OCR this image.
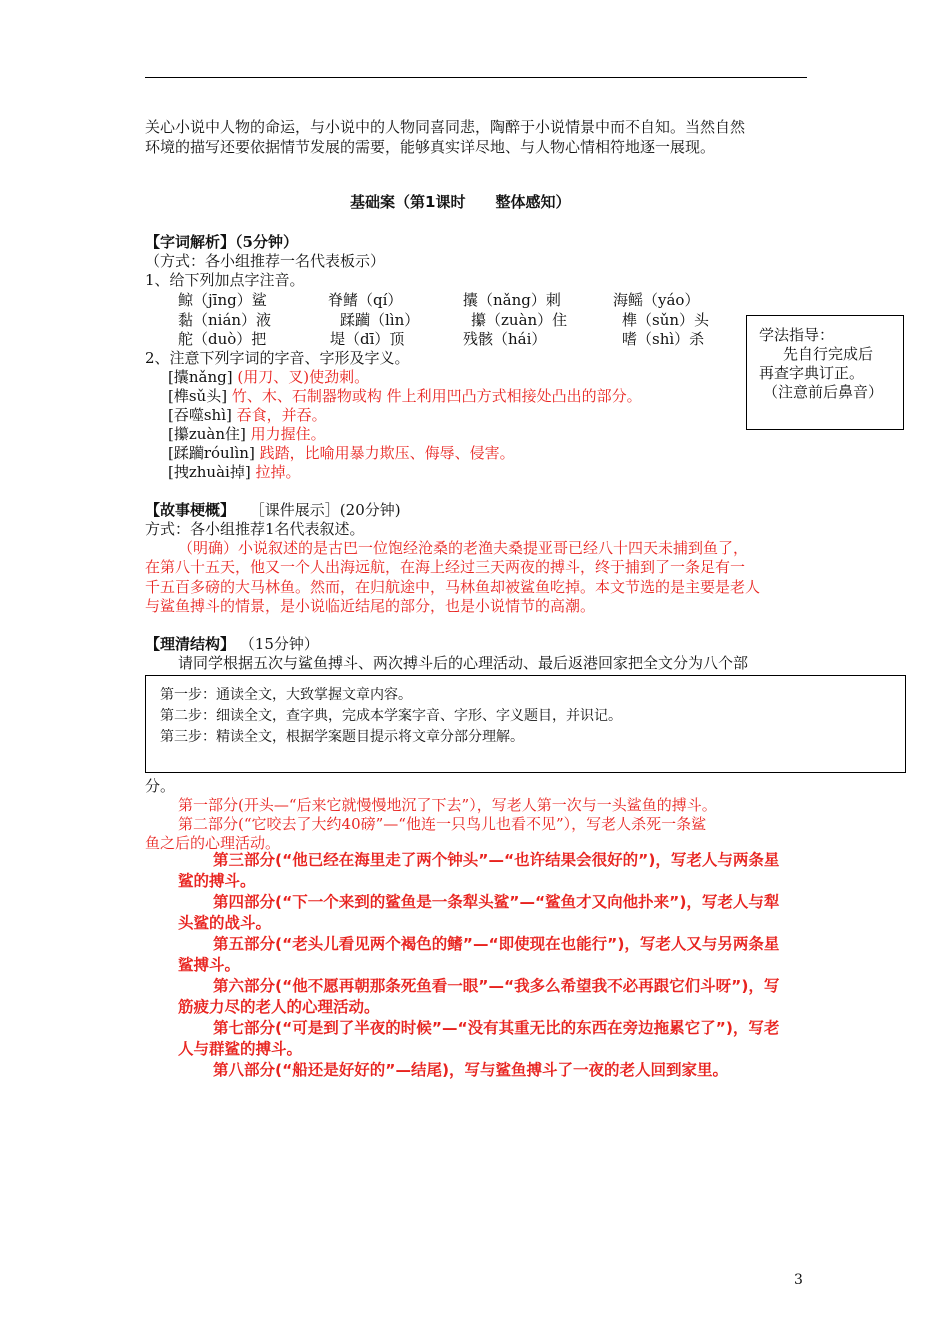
关心小说中人物的命运，与小说中的人物同喜同悲，陶醉于小说情景中而不自知。当然自然
环境的描写还要依据情节发展的需要，能够真实详尽地、与人物心情相符地逐一展现。
基础案（第1课时　　整体感知）
【字词解析】（5分钟）
（方式：各小组推荐一名代表板示）
1、给下列加点字注音。
鲸（jīng）鲨	脊鳍（qí）	攮（nǎng）刺	海鳐（yáo）
黏（nián）液	蹂躏（lìn）	攥（zuàn）住	榫（sǔn）头
舵（duò）把	堤（dī）顶	残骸（hái）	嗜（shì）杀
2、注意下列字词的字音、字形及字义。
[攮nǎng] (用刀、叉)使劲刺。
[榫sǔ头] 竹、木、石制器物或构 件上利用凹凸方式相接处凸出的部分。
[吞噬shì] 吞食，并吞。
[攥zuàn住] 用力握住。
[蹂躏róulìn] 践踏，比喻用暴力欺压、侮辱、侵害。
[拽zhuài掉] 拉掉。
学法指导：
先自行完成后
再查字典订正。
（注意前后鼻音）
【故事梗概】 ［课件展示］(20分钟)
方式：各小组推荐1名代表叙述。
（明确）小说叙述的是古巴一位饱经沧桑的老渔夫桑提亚哥已经八十四天未捕到鱼了，
在第八十五天，他又一个人出海远航，在海上经过三天两夜的搏斗，终于捕到了一条足有一
千五百多磅的大马林鱼。然而，在归航途中，马林鱼却被鲨鱼吃掉。本文节选的是主要是老人
与鲨鱼搏斗的情景，是小说临近结尾的部分，也是小说情节的高潮。
【理清结构】 （15分钟）
请同学根据五次与鲨鱼搏斗、两次搏斗后的心理活动、最后返港回家把全文分为八个部
第一步：通读全文，大致掌握文章内容。
第二步：细读全文，查字典，完成本学案字音、字形、字义题目，并识记。
第三步：精读全文，根据学案题目提示将文章分部分理解。
分。
第一部分(开头—“后来它就慢慢地沉了下去”），写老人第一次与一头鲨鱼的搏斗。
第二部分(“它咬去了大约40磅”—“他连一只鸟儿也看不见”），写老人杀死一条鲨
鱼之后的心理活动。
第三部分(“他已经在海里走了两个钟头”—“也许结果会很好的”)，写老人与两条星
鲨的搏斗。
第四部分(“下一个来到的鲨鱼是一条犁头鲨”—“鲨鱼才又向他扑来”)，写老人与犁
头鲨的战斗。
第五部分(“老头儿看见两个褐色的鳍”—“即使现在也能行”)，写老人又与另两条星
鲨搏斗。
第六部分(“他不愿再朝那条死鱼看一眼”—“我多么希望我不必再跟它们斗呀”)，写
筋疲力尽的老人的心理活动。
第七部分(“可是到了半夜的时候”—“没有其重无比的东西在旁边拖累它了”)，写老
人与群鲨的搏斗。
第八部分(“船还是好好的”—结尾)，写与鲨鱼搏斗了一夜的老人回到家里。
3
